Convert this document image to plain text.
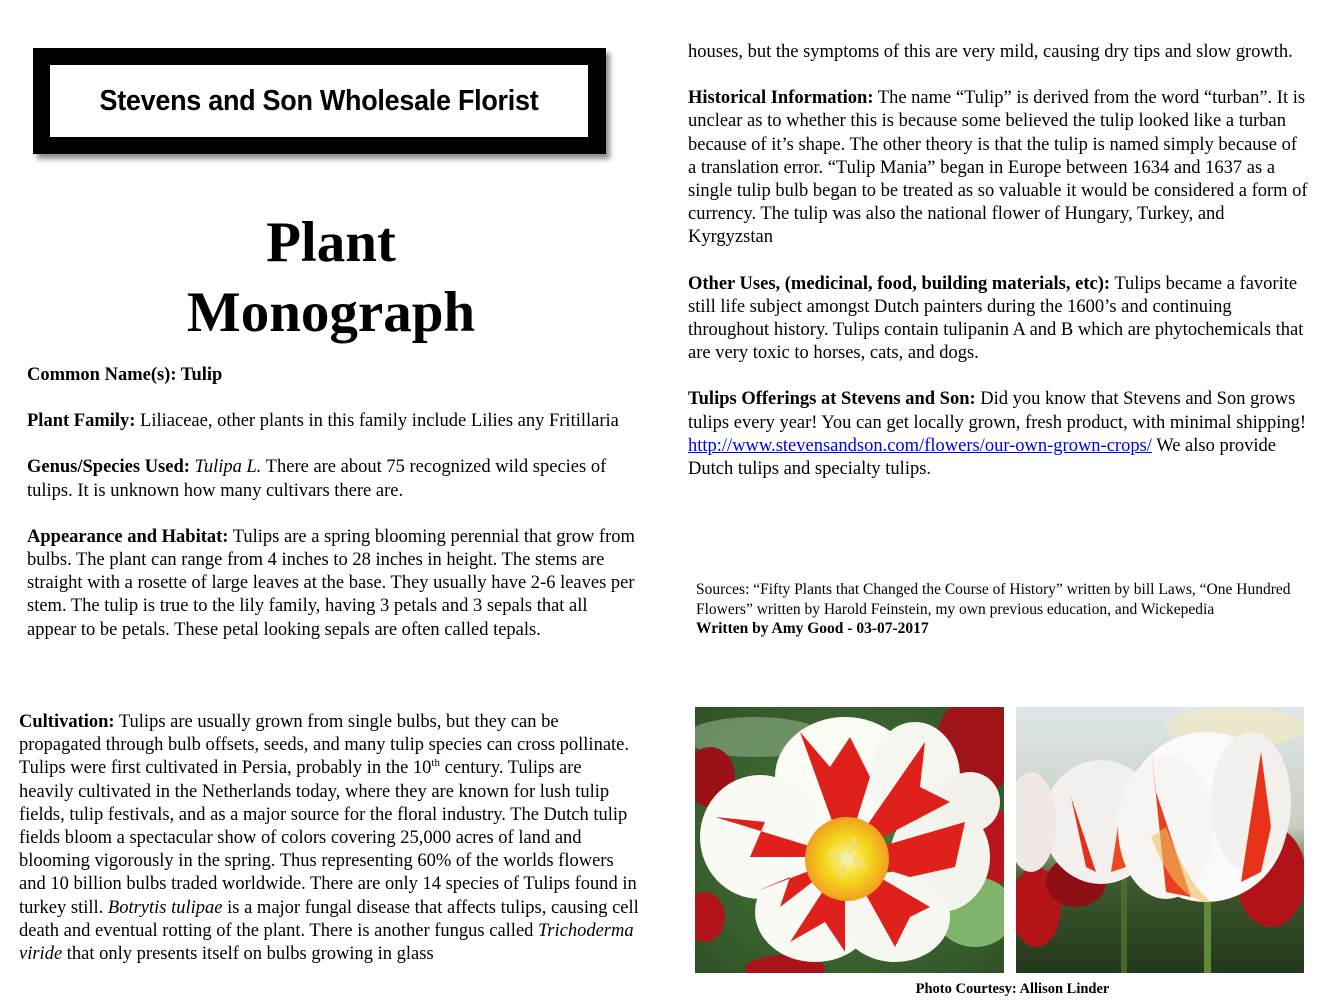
Stevens and Son Wholesale Florist
Plant
Monograph

Common Name(s): Tulip

Plant Family: Liliaceae, other plants in this family include Lilies any Fritillaria

Genus/Species Used: Tulipa L. There are about 75 recognized wild species of tulips. It is unknown how many cultivars there are.

Appearance and Habitat: Tulips are a spring blooming perennial that grow from bulbs. The plant can range from 4 inches to 28 inches in height. The stems are straight with a rosette of large leaves at the base. They usually have 2-6 leaves per stem. The tulip is true to the lily family, having 3 petals and 3 sepals that all appear to be petals. These petal looking sepals are often called tepals.

Cultivation: Tulips are usually grown from single bulbs, but they can be propagated through bulb offsets, seeds, and many tulip species can cross pollinate. Tulips were first cultivated in Persia, probably in the 10th century. Tulips are heavily cultivated in the Netherlands today, where they are known for lush tulip fields, tulip festivals, and as a major source for the floral industry. The Dutch tulip fields bloom a spectacular show of colors covering 25,000 acres of land and blooming vigorously in the spring. Thus representing 60% of the worlds flowers and 10 billion bulbs traded worldwide. There are only 14 species of Tulips found in turkey still. Botrytis tulipae is a major fungal disease that affects tulips, causing cell death and eventual rotting of the plant. There is another fungus called Trichoderma viride that only presents itself on bulbs growing in glass

houses, but the symptoms of this are very mild, causing dry tips and slow growth.

Historical Information: The name “Tulip” is derived from the word “turban”. It is unclear as to whether this is because some believed the tulip looked like a turban because of it’s shape. The other theory is that the tulip is named simply because of a translation error. “Tulip Mania” began in Europe between 1634 and 1637 as a single tulip bulb began to be treated as so valuable it would be considered a form of currency. The tulip was also the national flower of Hungary, Turkey, and Kyrgyzstan

Other Uses, (medicinal, food, building materials, etc): Tulips became a favorite still life subject amongst Dutch painters during the 1600’s and continuing throughout history. Tulips contain tulipanin A and B which are phytochemicals that are very toxic to horses, cats, and dogs.

Tulips Offerings at Stevens and Son: Did you know that Stevens and Son grows tulips every year! You can get locally grown, fresh product, with minimal shipping! http://www.stevensandson.com/flowers/our-own-grown-crops/ We also provide Dutch tulips and specialty tulips.

Sources: “Fifty Plants that Changed the Course of History” written by bill Laws, “One Hundred Flowers” written by Harold Feinstein, my own previous education, and Wickepedia

Written by Amy Good - 03-07-2017

Photo Courtesy: Allison Linder
